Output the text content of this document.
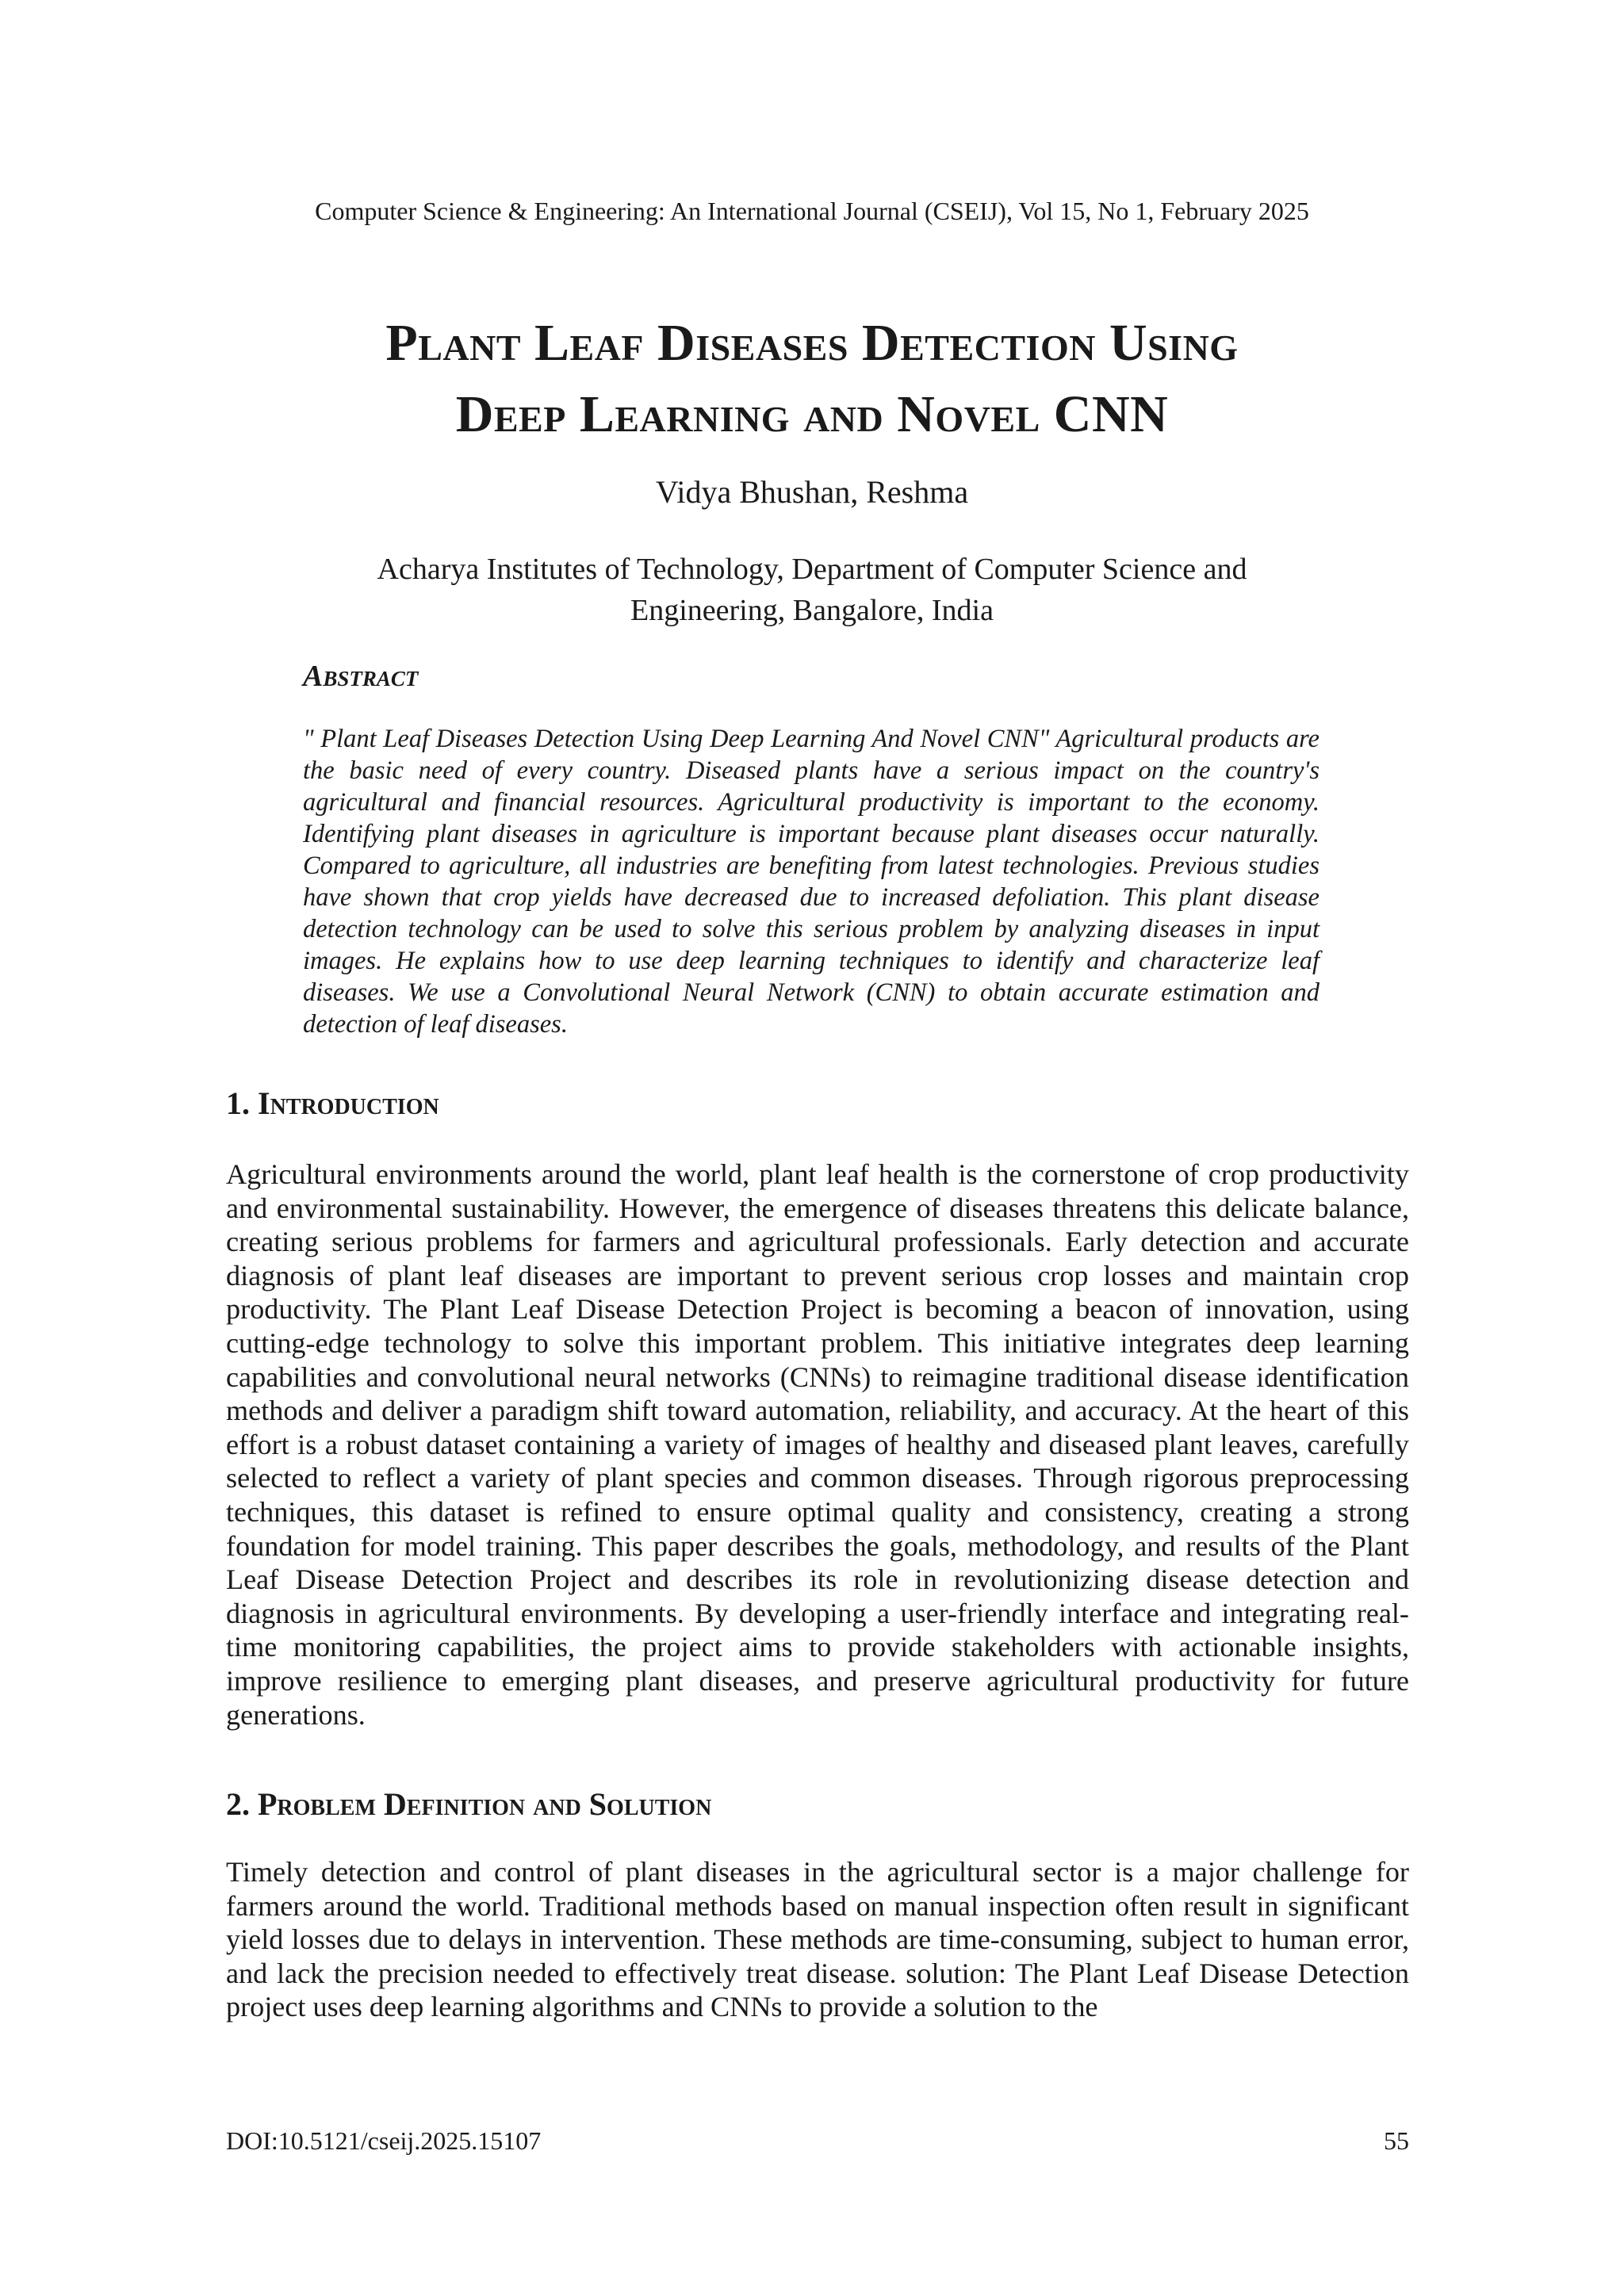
Computer Science & Engineering: An International Journal (CSEIJ), Vol 15, No 1, February 2025
Plant Leaf Diseases Detection Using
Deep Learning and Novel CNN
Vidya Bhushan, Reshma
Acharya Institutes of Technology, Department of Computer Science and Engineering, Bangalore, India
Abstract
" Plant Leaf Diseases Detection Using Deep Learning And Novel CNN" Agricultural products are the basic need of every country. Diseased plants have a serious impact on the country's agricultural and financial resources. Agricultural productivity is important to the economy. Identifying plant diseases in agriculture is important because plant diseases occur naturally. Compared to agriculture, all industries are benefiting from latest technologies. Previous studies have shown that crop yields have decreased due to increased defoliation. This plant disease detection technology can be used to solve this serious problem by analyzing diseases in input images. He explains how to use deep learning techniques to identify and characterize leaf diseases. We use a Convolutional Neural Network (CNN) to obtain accurate estimation and detection of leaf diseases.
1. Introduction
Agricultural environments around the world, plant leaf health is the cornerstone of crop productivity and environmental sustainability. However, the emergence of diseases threatens this delicate balance, creating serious problems for farmers and agricultural professionals. Early detection and accurate diagnosis of plant leaf diseases are important to prevent serious crop losses and maintain crop productivity. The Plant Leaf Disease Detection Project is becoming a beacon of innovation, using cutting-edge technology to solve this important problem. This initiative integrates deep learning capabilities and convolutional neural networks (CNNs) to reimagine traditional disease identification methods and deliver a paradigm shift toward automation, reliability, and accuracy. At the heart of this effort is a robust dataset containing a variety of images of healthy and diseased plant leaves, carefully selected to reflect a variety of plant species and common diseases. Through rigorous preprocessing techniques, this dataset is refined to ensure optimal quality and consistency, creating a strong foundation for model training. This paper describes the goals, methodology, and results of the Plant Leaf Disease Detection Project and describes its role in revolutionizing disease detection and diagnosis in agricultural environments. By developing a user-friendly interface and integrating real-time monitoring capabilities, the project aims to provide stakeholders with actionable insights, improve resilience to emerging plant diseases, and preserve agricultural productivity for future generations.
2. Problem Definition and Solution
Timely detection and control of plant diseases in the agricultural sector is a major challenge for farmers around the world. Traditional methods based on manual inspection often result in significant yield losses due to delays in intervention. These methods are time-consuming, subject to human error, and lack the precision needed to effectively treat disease. solution: The Plant Leaf Disease Detection project uses deep learning algorithms and CNNs to provide a solution to the
DOI:10.5121/cseij.2025.15107	55
